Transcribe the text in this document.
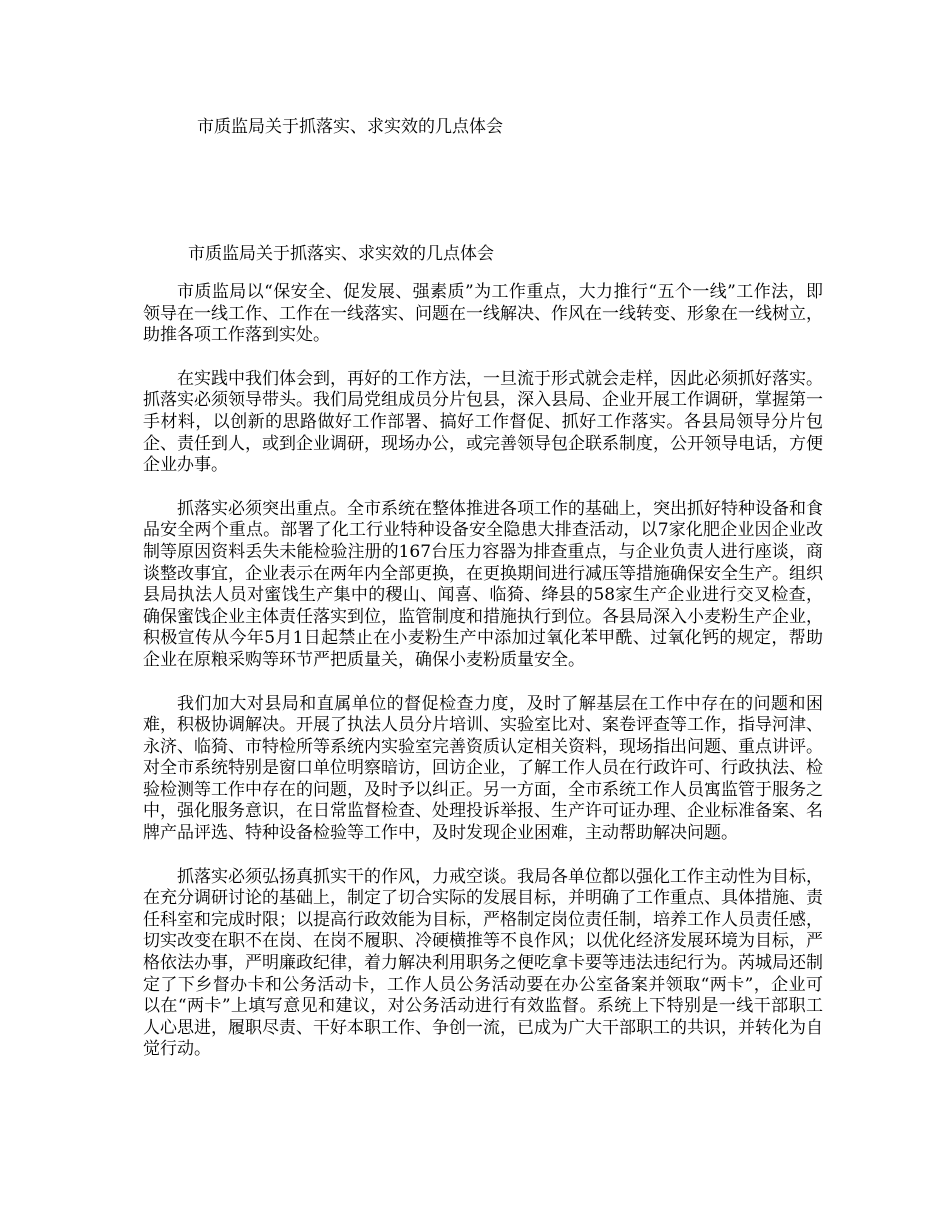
市质监局关于抓落实、求实效的几点体会
市质监局关于抓落实、求实效的几点体会

市质监局以“保安全、促发展、强素质”为工作重点，大力推行“五个一线”工作法，即领导在一线工作、工作在一线落实、问题在一线解决、作风在一线转变、形象在一线树立，助推各项工作落到实处。

在实践中我们体会到，再好的工作方法，一旦流于形式就会走样，因此必须抓好落实。抓落实必须领导带头。我们局党组成员分片包县，深入县局、企业开展工作调研，掌握第一手材料，以创新的思路做好工作部署、搞好工作督促、抓好工作落实。各县局领导分片包企、责任到人，或到企业调研，现场办公，或完善领导包企联系制度，公开领导电话，方便企业办事。

抓落实必须突出重点。全市系统在整体推进各项工作的基础上，突出抓好特种设备和食品安全两个重点。部署了化工行业特种设备安全隐患大排查活动，以7家化肥企业因企业改制等原因资料丢失未能检验注册的167台压力容器为排查重点，与企业负责人进行座谈，商谈整改事宜，企业表示在两年内全部更换，在更换期间进行减压等措施确保安全生产。组织县局执法人员对蜜饯生产集中的稷山、闻喜、临猗、绛县的58家生产企业进行交叉检查，确保蜜饯企业主体责任落实到位，监管制度和措施执行到位。各县局深入小麦粉生产企业，积极宣传从今年5月1日起禁止在小麦粉生产中添加过氧化苯甲酰、过氧化钙的规定，帮助企业在原粮采购等环节严把质量关，确保小麦粉质量安全。

我们加大对县局和直属单位的督促检查力度，及时了解基层在工作中存在的问题和困难，积极协调解决。开展了执法人员分片培训、实验室比对、案卷评查等工作，指导河津、永济、临猗、市特检所等系统内实验室完善资质认定相关资料，现场指出问题、重点讲评。对全市系统特别是窗口单位明察暗访，回访企业，了解工作人员在行政许可、行政执法、检验检测等工作中存在的问题，及时予以纠正。另一方面，全市系统工作人员寓监管于服务之中，强化服务意识，在日常监督检查、处理投诉举报、生产许可证办理、企业标准备案、名牌产品评选、特种设备检验等工作中，及时发现企业困难，主动帮助解决问题。

抓落实必须弘扬真抓实干的作风，力戒空谈。我局各单位都以强化工作主动性为目标，在充分调研讨论的基础上，制定了切合实际的发展目标，并明确了工作重点、具体措施、责任科室和完成时限；以提高行政效能为目标，严格制定岗位责任制，培养工作人员责任感，切实改变在职不在岗、在岗不履职、冷硬横推等不良作风；以优化经济发展环境为目标，严格依法办事，严明廉政纪律，着力解决利用职务之便吃拿卡要等违法违纪行为。芮城局还制定了下乡督办卡和公务活动卡，工作人员公务活动要在办公室备案并领取“两卡”，企业可以在“两卡”上填写意见和建议，对公务活动进行有效监督。系统上下特别是一线干部职工人心思进，履职尽责、干好本职工作、争创一流，已成为广大干部职工的共识，并转化为自觉行动。
